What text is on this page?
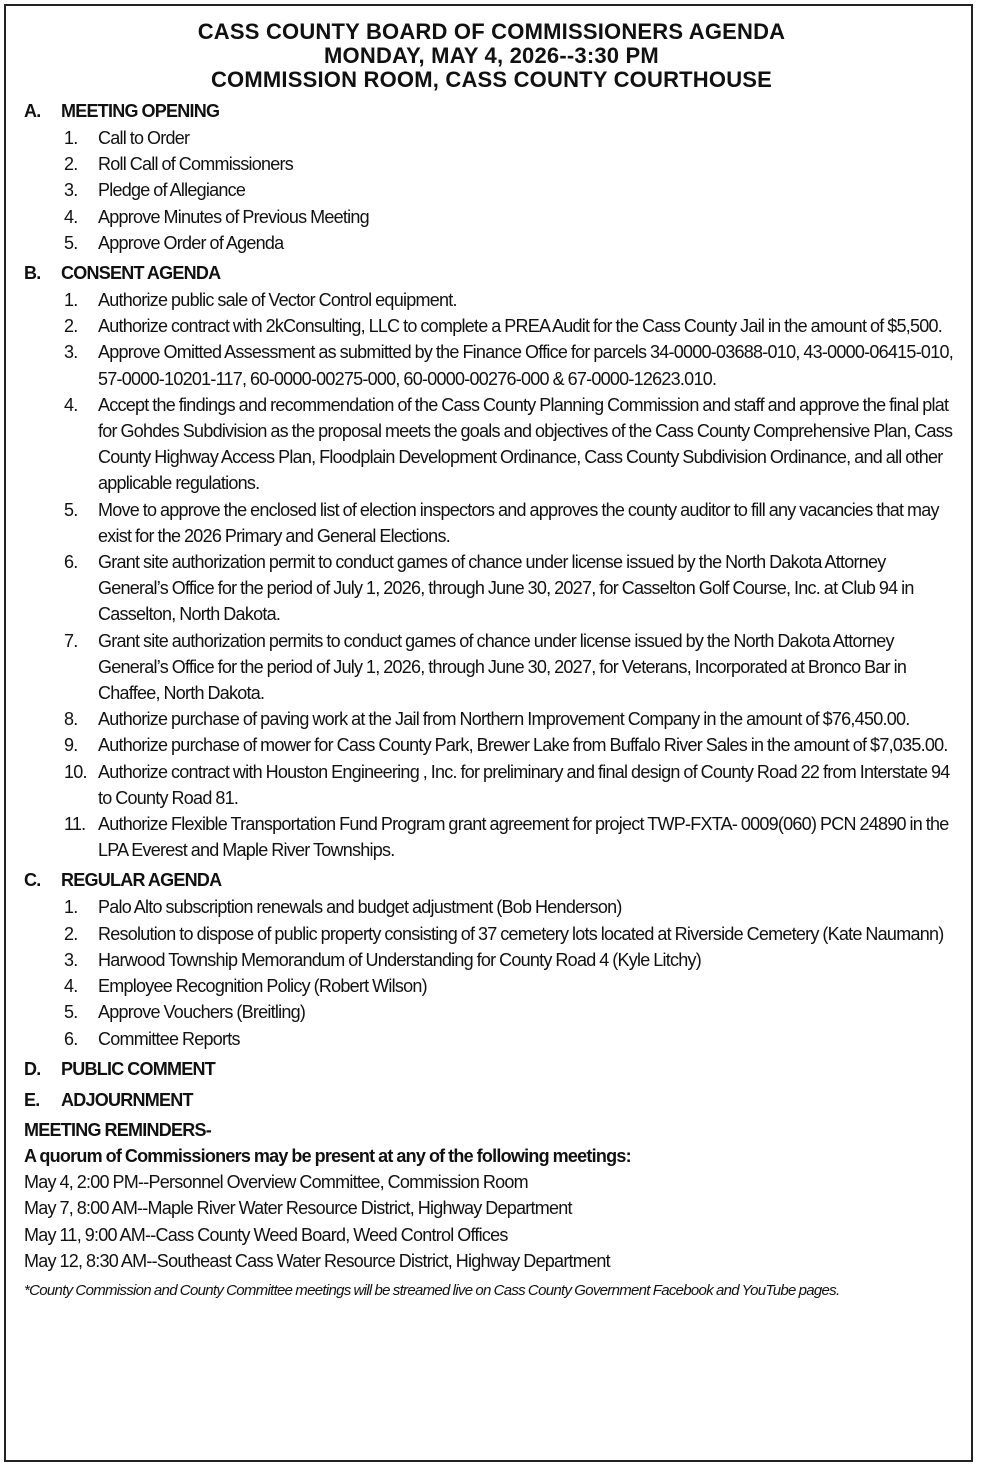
CASS COUNTY BOARD OF COMMISSIONERS AGENDA
MONDAY, MAY 4, 2026--3:30 PM
COMMISSION ROOM, CASS COUNTY COURTHOUSE
A.	MEETING OPENING
1.	Call to Order
2.	Roll Call of Commissioners
3.	Pledge of Allegiance
4.	Approve Minutes of Previous Meeting
5.	Approve Order of Agenda
B.	CONSENT AGENDA
1.	Authorize public sale of Vector Control equipment.
2.	Authorize contract with 2kConsulting, LLC to complete a PREA Audit for the Cass County Jail in the amount of $5,500.
3.	Approve Omitted Assessment as submitted by the Finance Office for parcels 34-0000-03688-010, 43-0000-06415-010, 57-0000-10201-117, 60-0000-00275-000, 60-0000-00276-000 & 67-0000-12623.010.
4.	Accept the findings and recommendation of the Cass County Planning Commission and staff and approve the final plat for Gohdes Subdivision as the proposal meets the goals and objectives of the Cass County Comprehensive Plan, Cass County Highway Access Plan, Floodplain Development Ordinance, Cass County Subdivision Ordinance, and all other applicable regulations.
5.	Move to approve the enclosed list of election inspectors and approves the county auditor to fill any vacancies that may exist for the 2026 Primary and General Elections.
6.	Grant site authorization permit to conduct games of chance under license issued by the North Dakota Attorney General’s Office for the period of July 1, 2026, through June 30, 2027, for Casselton Golf Course, Inc. at Club 94 in Casselton, North Dakota.
7.	Grant site authorization permits to conduct games of chance under license issued by the North Dakota Attorney General’s Office for the period of July 1, 2026, through June 30, 2027, for Veterans, Incorporated at Bronco Bar in Chaffee, North Dakota.
8.	Authorize purchase of paving work at the Jail from Northern Improvement Company in the amount of $76,450.00.
9.	Authorize purchase of mower for Cass County Park, Brewer Lake from Buffalo River Sales in the amount of $7,035.00.
10. Authorize contract with Houston Engineering , Inc. for preliminary and final design of County Road 22 from Interstate 94 to County Road 81.
11. Authorize Flexible Transportation Fund Program grant agreement for project TWP-FXTA- 0009(060) PCN 24890 in the LPA Everest and Maple River Townships.
C.	REGULAR AGENDA
1.	Palo Alto subscription renewals and budget adjustment (Bob Henderson)
2.	Resolution to dispose of public property consisting of 37 cemetery lots located at Riverside Cemetery (Kate Naumann)
3.	Harwood Township Memorandum of Understanding for County Road 4 (Kyle Litchy)
4.	Employee Recognition Policy (Robert Wilson)
5.	Approve Vouchers (Breitling)
6.	Committee Reports
D.	PUBLIC COMMENT
E.	ADJOURNMENT
MEETING REMINDERS-
A quorum of Commissioners may be present at any of the following meetings:
May 4, 2:00 PM--Personnel Overview Committee, Commission Room
May 7, 8:00 AM--Maple River Water Resource District, Highway Department
May 11, 9:00 AM--Cass County Weed Board, Weed Control Offices
May 12, 8:30 AM--Southeast Cass Water Resource District, Highway Department
*County Commission and County Committee meetings will be streamed live on Cass County Government Facebook and YouTube pages.
